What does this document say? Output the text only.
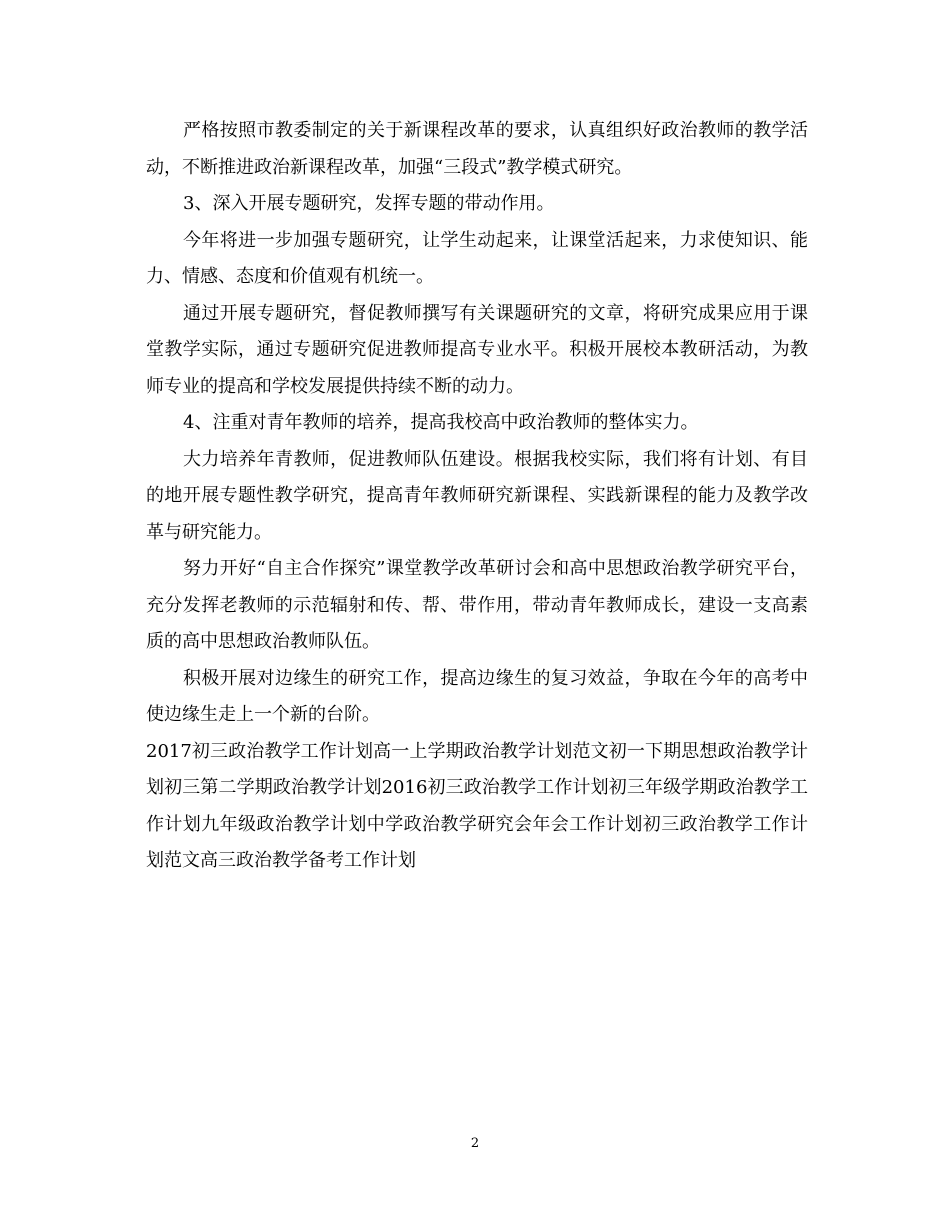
严格按照市教委制定的关于新课程改革的要求，认真组织好政治教师的教学活动，不断推进政治新课程改革，加强“三段式”教学模式研究。

3、深入开展专题研究，发挥专题的带动作用。

今年将进一步加强专题研究，让学生动起来，让课堂活起来，力求使知识、能力、情感、态度和价值观有机统一。

通过开展专题研究，督促教师撰写有关课题研究的文章，将研究成果应用于课堂教学实际，通过专题研究促进教师提高专业水平。积极开展校本教研活动，为教师专业的提高和学校发展提供持续不断的动力。

4、注重对青年教师的培养，提高我校高中政治教师的整体实力。

大力培养年青教师，促进教师队伍建设。根据我校实际，我们将有计划、有目的地开展专题性教学研究，提高青年教师研究新课程、实践新课程的能力及教学改革与研究能力。

努力开好“自主合作探究”课堂教学改革研讨会和高中思想政治教学研究平台，充分发挥老教师的示范辐射和传、帮、带作用，带动青年教师成长，建设一支高素质的高中思想政治教师队伍。

积极开展对边缘生的研究工作，提高边缘生的复习效益，争取在今年的高考中使边缘生走上一个新的台阶。

2017初三政治教学工作计划高一上学期政治教学计划范文初一下期思想政治教学计划初三第二学期政治教学计划2016初三政治教学工作计划初三年级学期政治教学工作计划九年级政治教学计划中学政治教学研究会年会工作计划初三政治教学工作计划范文高三政治教学备考工作计划

2
